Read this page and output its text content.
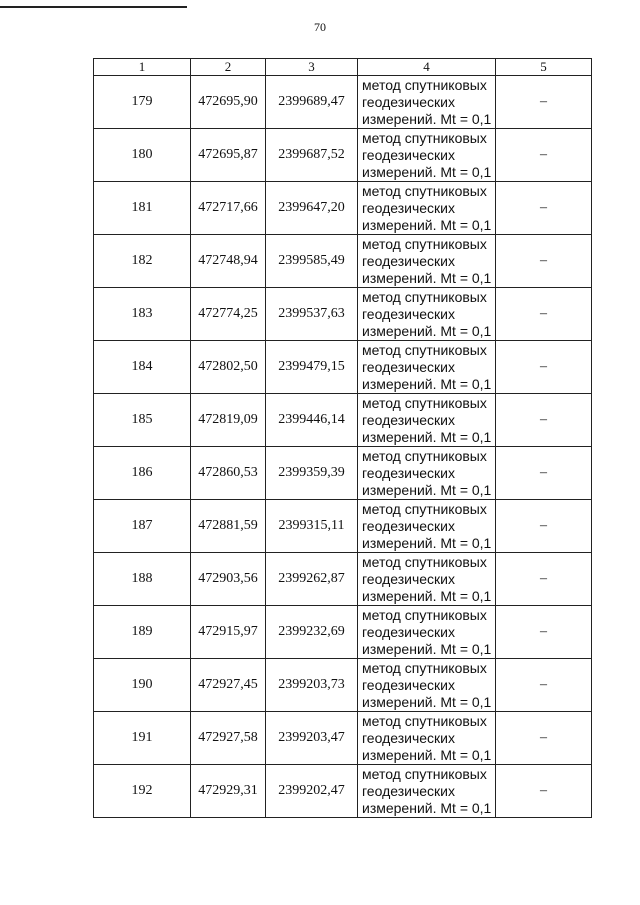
70
1	2	3	4	5
179	472695,90	2399689,47	метод спутниковых
геодезических
измерений. Mt = 0,1	–
180	472695,87	2399687,52	метод спутниковых
геодезических
измерений. Mt = 0,1	–
181	472717,66	2399647,20	метод спутниковых
геодезических
измерений. Mt = 0,1	–
182	472748,94	2399585,49	метод спутниковых
геодезических
измерений. Mt = 0,1	–
183	472774,25	2399537,63	метод спутниковых
геодезических
измерений. Mt = 0,1	–
184	472802,50	2399479,15	метод спутниковых
геодезических
измерений. Mt = 0,1	–
185	472819,09	2399446,14	метод спутниковых
геодезических
измерений. Mt = 0,1	–
186	472860,53	2399359,39	метод спутниковых
геодезических
измерений. Mt = 0,1	–
187	472881,59	2399315,11	метод спутниковых
геодезических
измерений. Mt = 0,1	–
188	472903,56	2399262,87	метод спутниковых
геодезических
измерений. Mt = 0,1	–
189	472915,97	2399232,69	метод спутниковых
геодезических
измерений. Mt = 0,1	–
190	472927,45	2399203,73	метод спутниковых
геодезических
измерений. Mt = 0,1	–
191	472927,58	2399203,47	метод спутниковых
геодезических
измерений. Mt = 0,1	–
192	472929,31	2399202,47	метод спутниковых
геодезических
измерений. Mt = 0,1	–
